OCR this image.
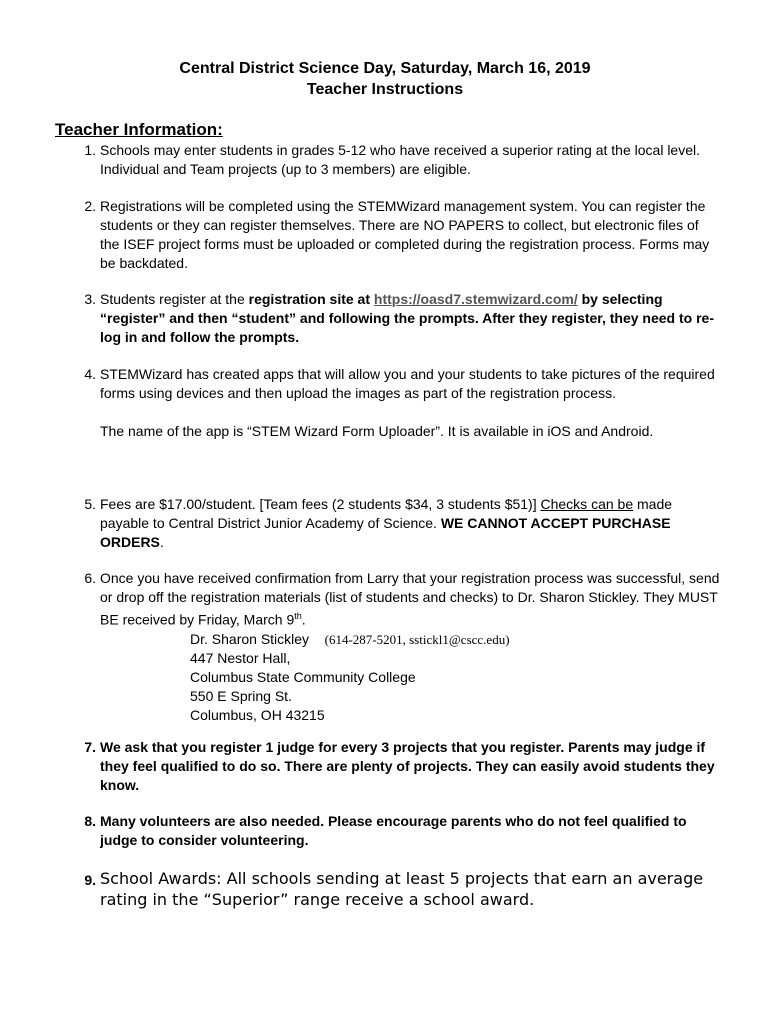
Central District Science Day, Saturday, March 16, 2019
Teacher Instructions
Teacher Information:
1. Schools may enter students in grades 5-12 who have received a superior rating at the local level. Individual and Team projects (up to 3 members) are eligible.

2. Registrations will be completed using the STEMWizard management system. You can register the students or they can register themselves. There are NO PAPERS to collect, but electronic files of the ISEF project forms must be uploaded or completed during the registration process. Forms may be backdated.

3. Students register at the registration site at https://oasd7.stemwizard.com/ by selecting “register” and then “student” and following the prompts. After they register, they need to re-log in and follow the prompts.

4. STEMWizard has created apps that will allow you and your students to take pictures of the required forms using devices and then upload the images as part of the registration process.

The name of the app is “STEM Wizard Form Uploader”. It is available in iOS and Android.

5. Fees are $17.00/student. [Team fees (2 students $34, 3 students $51)] Checks can be made payable to Central District Junior Academy of Science. WE CANNOT ACCEPT PURCHASE ORDERS.

6. Once you have received confirmation from Larry that your registration process was successful, send or drop off the registration materials (list of students and checks) to Dr. Sharon Stickley. They MUST BE received by Friday, March 9th.

Dr. Sharon Stickley (614-287-5201, sstickl1@cscc.edu)

447 Nestor Hall,

Columbus State Community College

550 E Spring St.

Columbus, OH 43215

7. We ask that you register 1 judge for every 3 projects that you register. Parents may judge if they feel qualified to do so. There are plenty of projects. They can easily avoid students they know.

8. Many volunteers are also needed. Please encourage parents who do not feel qualified to judge to consider volunteering.

9. School Awards: All schools sending at least 5 projects that earn an average rating in the “Superior” range receive a school award.
